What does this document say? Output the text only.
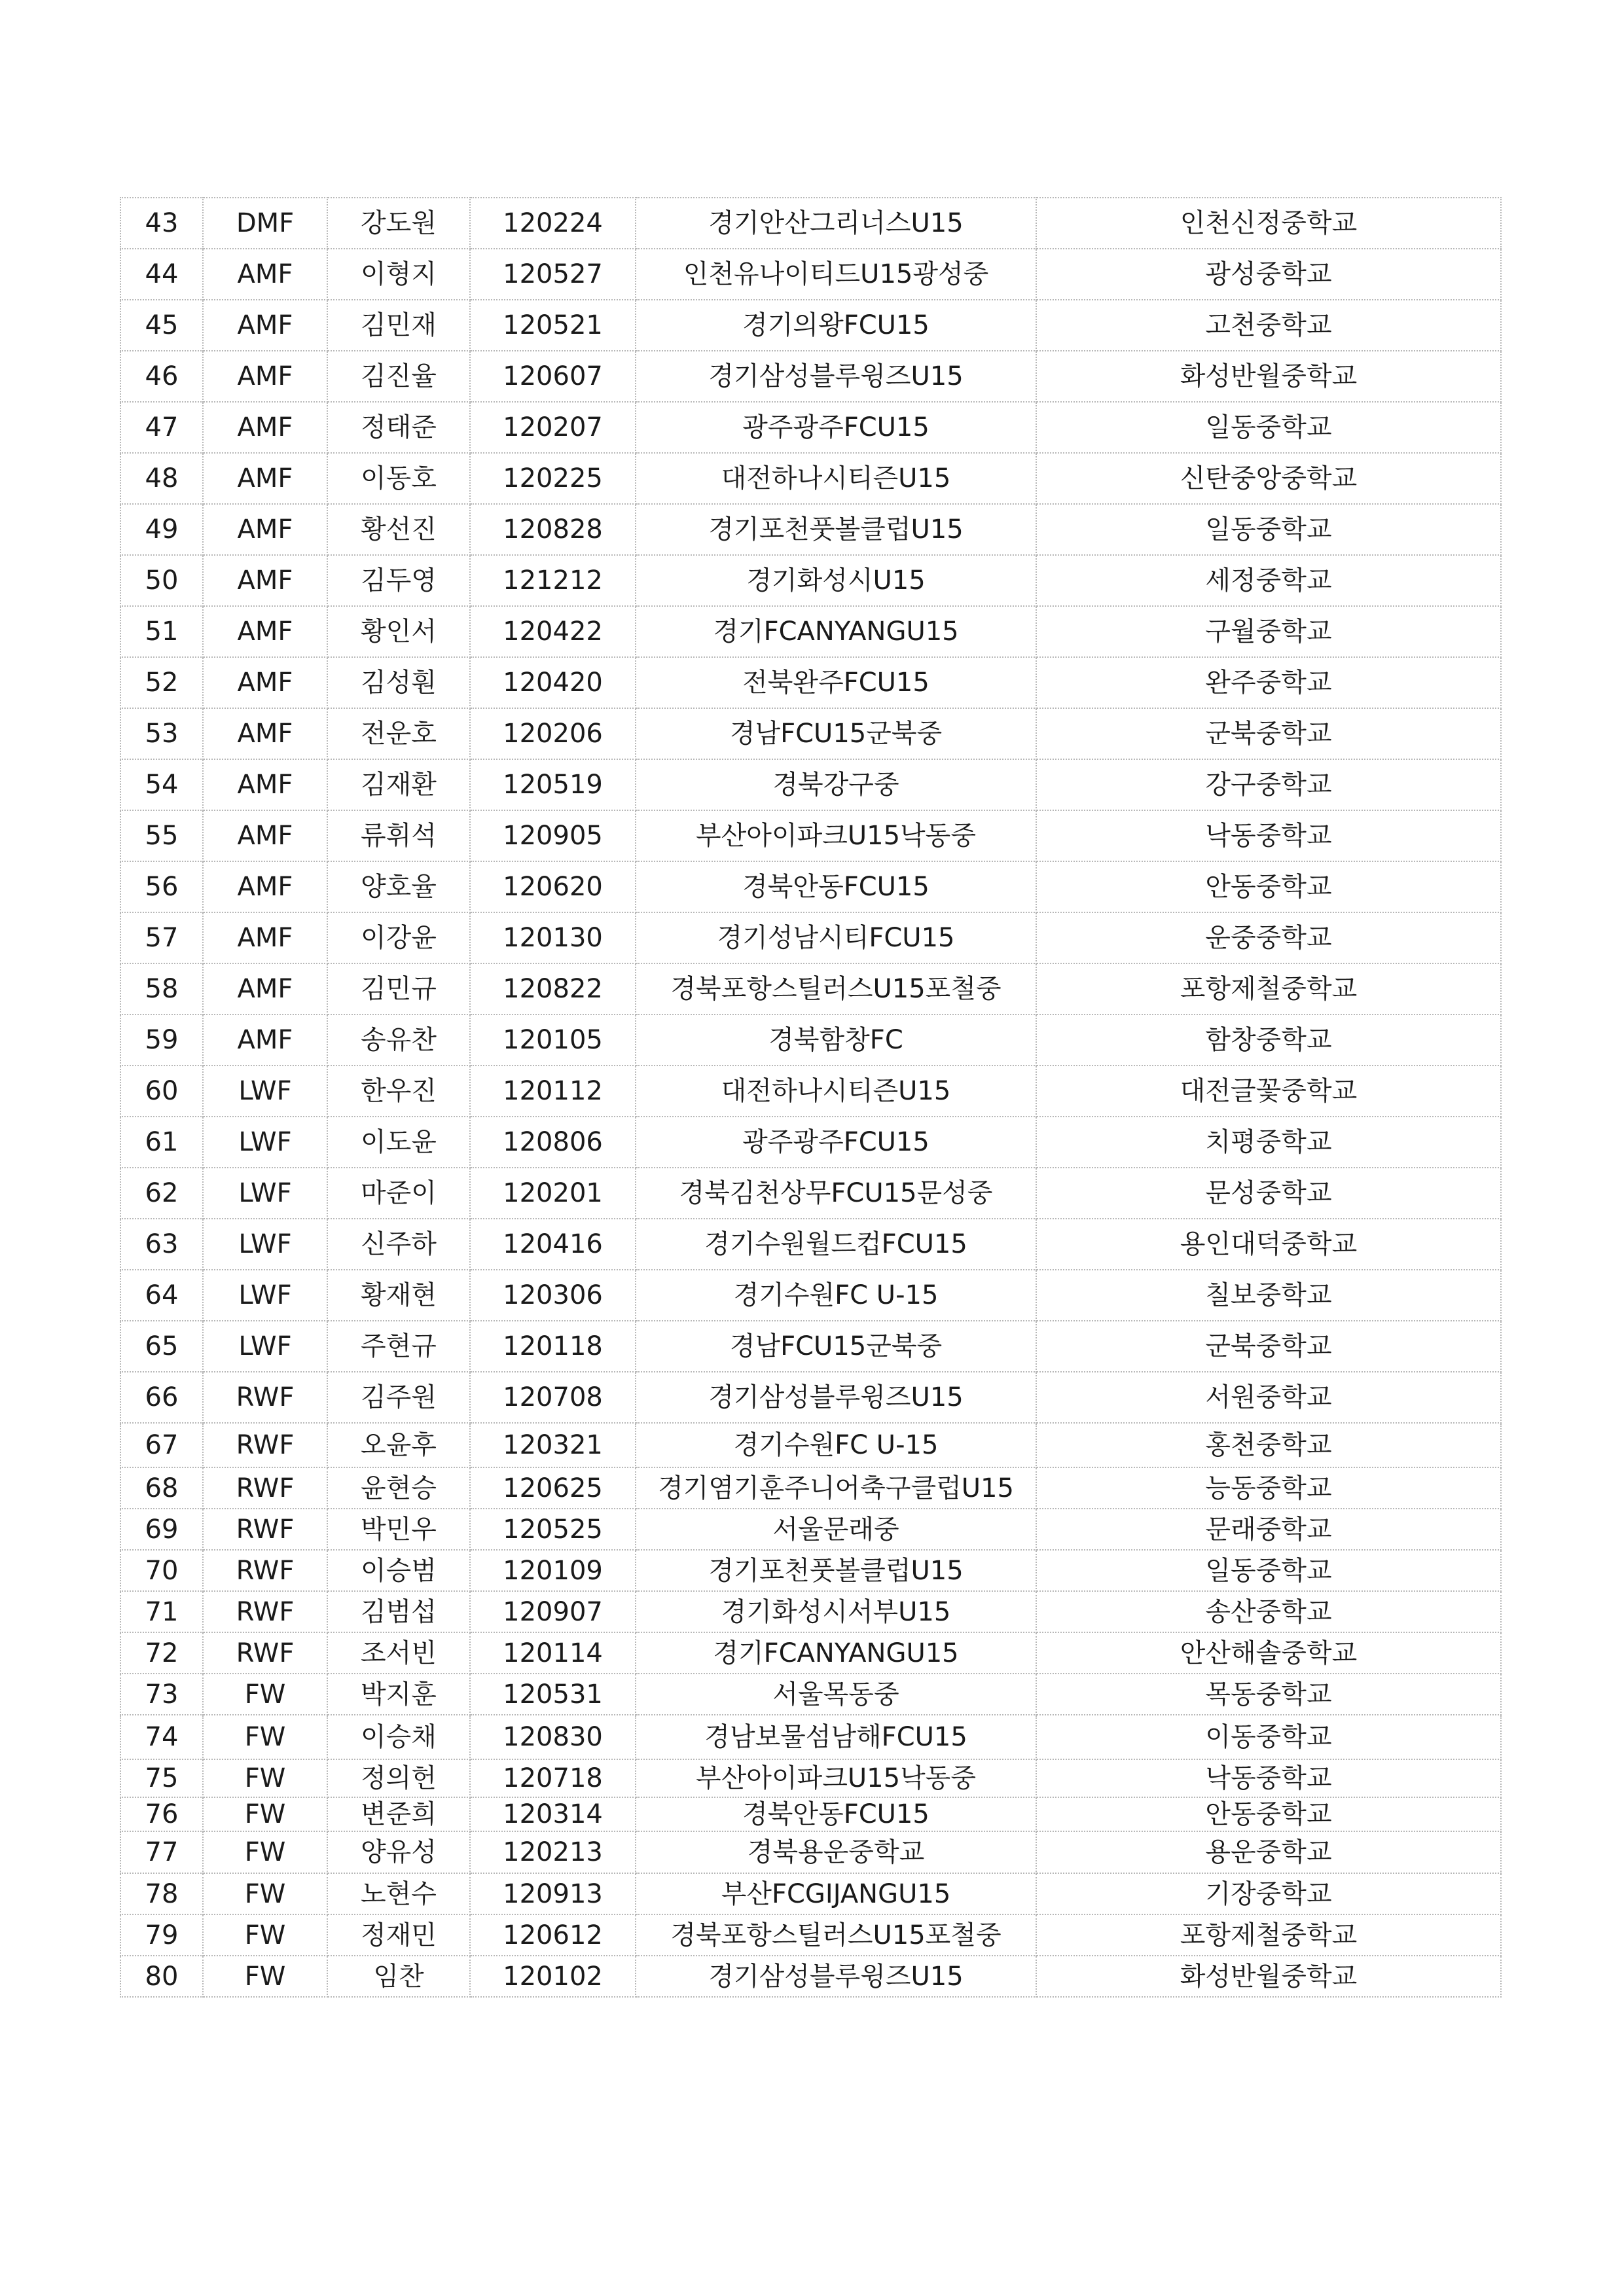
43	DMF	강도원	120224	경기안산그리너스U15	인천신정중학교
44	AMF	이형지	120527	인천유나이티드U15광성중	광성중학교
45	AMF	김민재	120521	경기의왕FCU15	고천중학교
46	AMF	김진율	120607	경기삼성블루윙즈U15	화성반월중학교
47	AMF	정태준	120207	광주광주FCU15	일동중학교
48	AMF	이동호	120225	대전하나시티즌U15	신탄중앙중학교
49	AMF	황선진	120828	경기포천풋볼클럽U15	일동중학교
50	AMF	김두영	121212	경기화성시U15	세정중학교
51	AMF	황인서	120422	경기FCANYANGU15	구월중학교
52	AMF	김성훤	120420	전북완주FCU15	완주중학교
53	AMF	전운호	120206	경남FCU15군북중	군북중학교
54	AMF	김재환	120519	경북강구중	강구중학교
55	AMF	류휘석	120905	부산아이파크U15낙동중	낙동중학교
56	AMF	양호율	120620	경북안동FCU15	안동중학교
57	AMF	이강윤	120130	경기성남시티FCU15	운중중학교
58	AMF	김민규	120822	경북포항스틸러스U15포철중	포항제철중학교
59	AMF	송유찬	120105	경북함창FC	함창중학교
60	LWF	한우진	120112	대전하나시티즌U15	대전글꽃중학교
61	LWF	이도윤	120806	광주광주FCU15	치평중학교
62	LWF	마준이	120201	경북김천상무FCU15문성중	문성중학교
63	LWF	신주하	120416	경기수원월드컵FCU15	용인대덕중학교
64	LWF	황재현	120306	경기수원FC U-15	칠보중학교
65	LWF	주현규	120118	경남FCU15군북중	군북중학교
66	RWF	김주원	120708	경기삼성블루윙즈U15	서원중학교
67	RWF	오윤후	120321	경기수원FC U-15	홍천중학교
68	RWF	윤현승	120625	경기염기훈주니어축구클럽U15	능동중학교
69	RWF	박민우	120525	서울문래중	문래중학교
70	RWF	이승범	120109	경기포천풋볼클럽U15	일동중학교
71	RWF	김범섭	120907	경기화성시서부U15	송산중학교
72	RWF	조서빈	120114	경기FCANYANGU15	안산해솔중학교
73	FW	박지훈	120531	서울목동중	목동중학교
74	FW	이승채	120830	경남보물섬남해FCU15	이동중학교
75	FW	정의헌	120718	부산아이파크U15낙동중	낙동중학교
76	FW	변준희	120314	경북안동FCU15	안동중학교
77	FW	양유성	120213	경북용운중학교	용운중학교
78	FW	노현수	120913	부산FCGIJANGU15	기장중학교
79	FW	정재민	120612	경북포항스틸러스U15포철중	포항제철중학교
80	FW	임찬	120102	경기삼성블루윙즈U15	화성반월중학교
